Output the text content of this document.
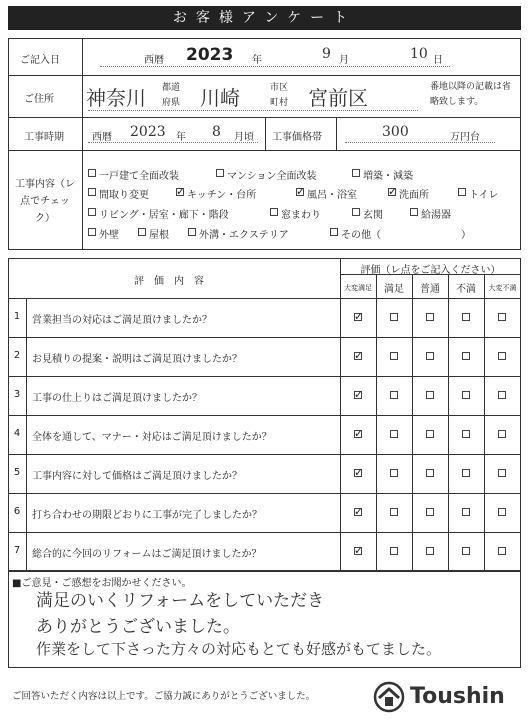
お客様アンケート
ご記入日	西暦 2023 年	9 月	10 日
ご住所 神奈川 都道
府県 川崎	市区
町村 宮前区	番地以降の記載は省略致します。
工事時期	西暦 2023 年 8 月頃 工事価格帯	300	万円台
工事内容（レ点でチェック）
一戸建て全面改装	マンション全面改装	増築・減築
間取り変更 ✓ キッチン・台所	✓ 風呂・浴室	✓ 洗面所	トイレ
リビング・居室・廊下・階段	窓まわり	玄関	給湯器
外壁	屋根	外溝・エクステリア	その他（　　　　　　　　）
評価内容
評価（レ点をご記入ください）
大変満足	満足	普通	不満	大変不満
1	営業担当の対応はご満足頂けましたか？	✓
2	お見積りの提案・説明はご満足頂けましたか？	✓
3	工事の仕上りはご満足頂けましたか？	✓
4	全体を通して、マナー・対応はご満足頂けましたか？	✓
5	工事内容に対して価格はご満足頂けましたか？	✓
6	打ち合わせの期限どおりに工事が完了しましたか？	✓
7	総合的に今回のリフォームはご満足頂けましたか？	✓
■ご意見・ご感想をお聞かせください。
満足のいくリフォームをしていただき
ありがとうございました。
作業をして下さった方々の対応もとても好感がもてました。
ご回答いただく内容は以上です。ご協力誠にありがとうございました。	Toushin
